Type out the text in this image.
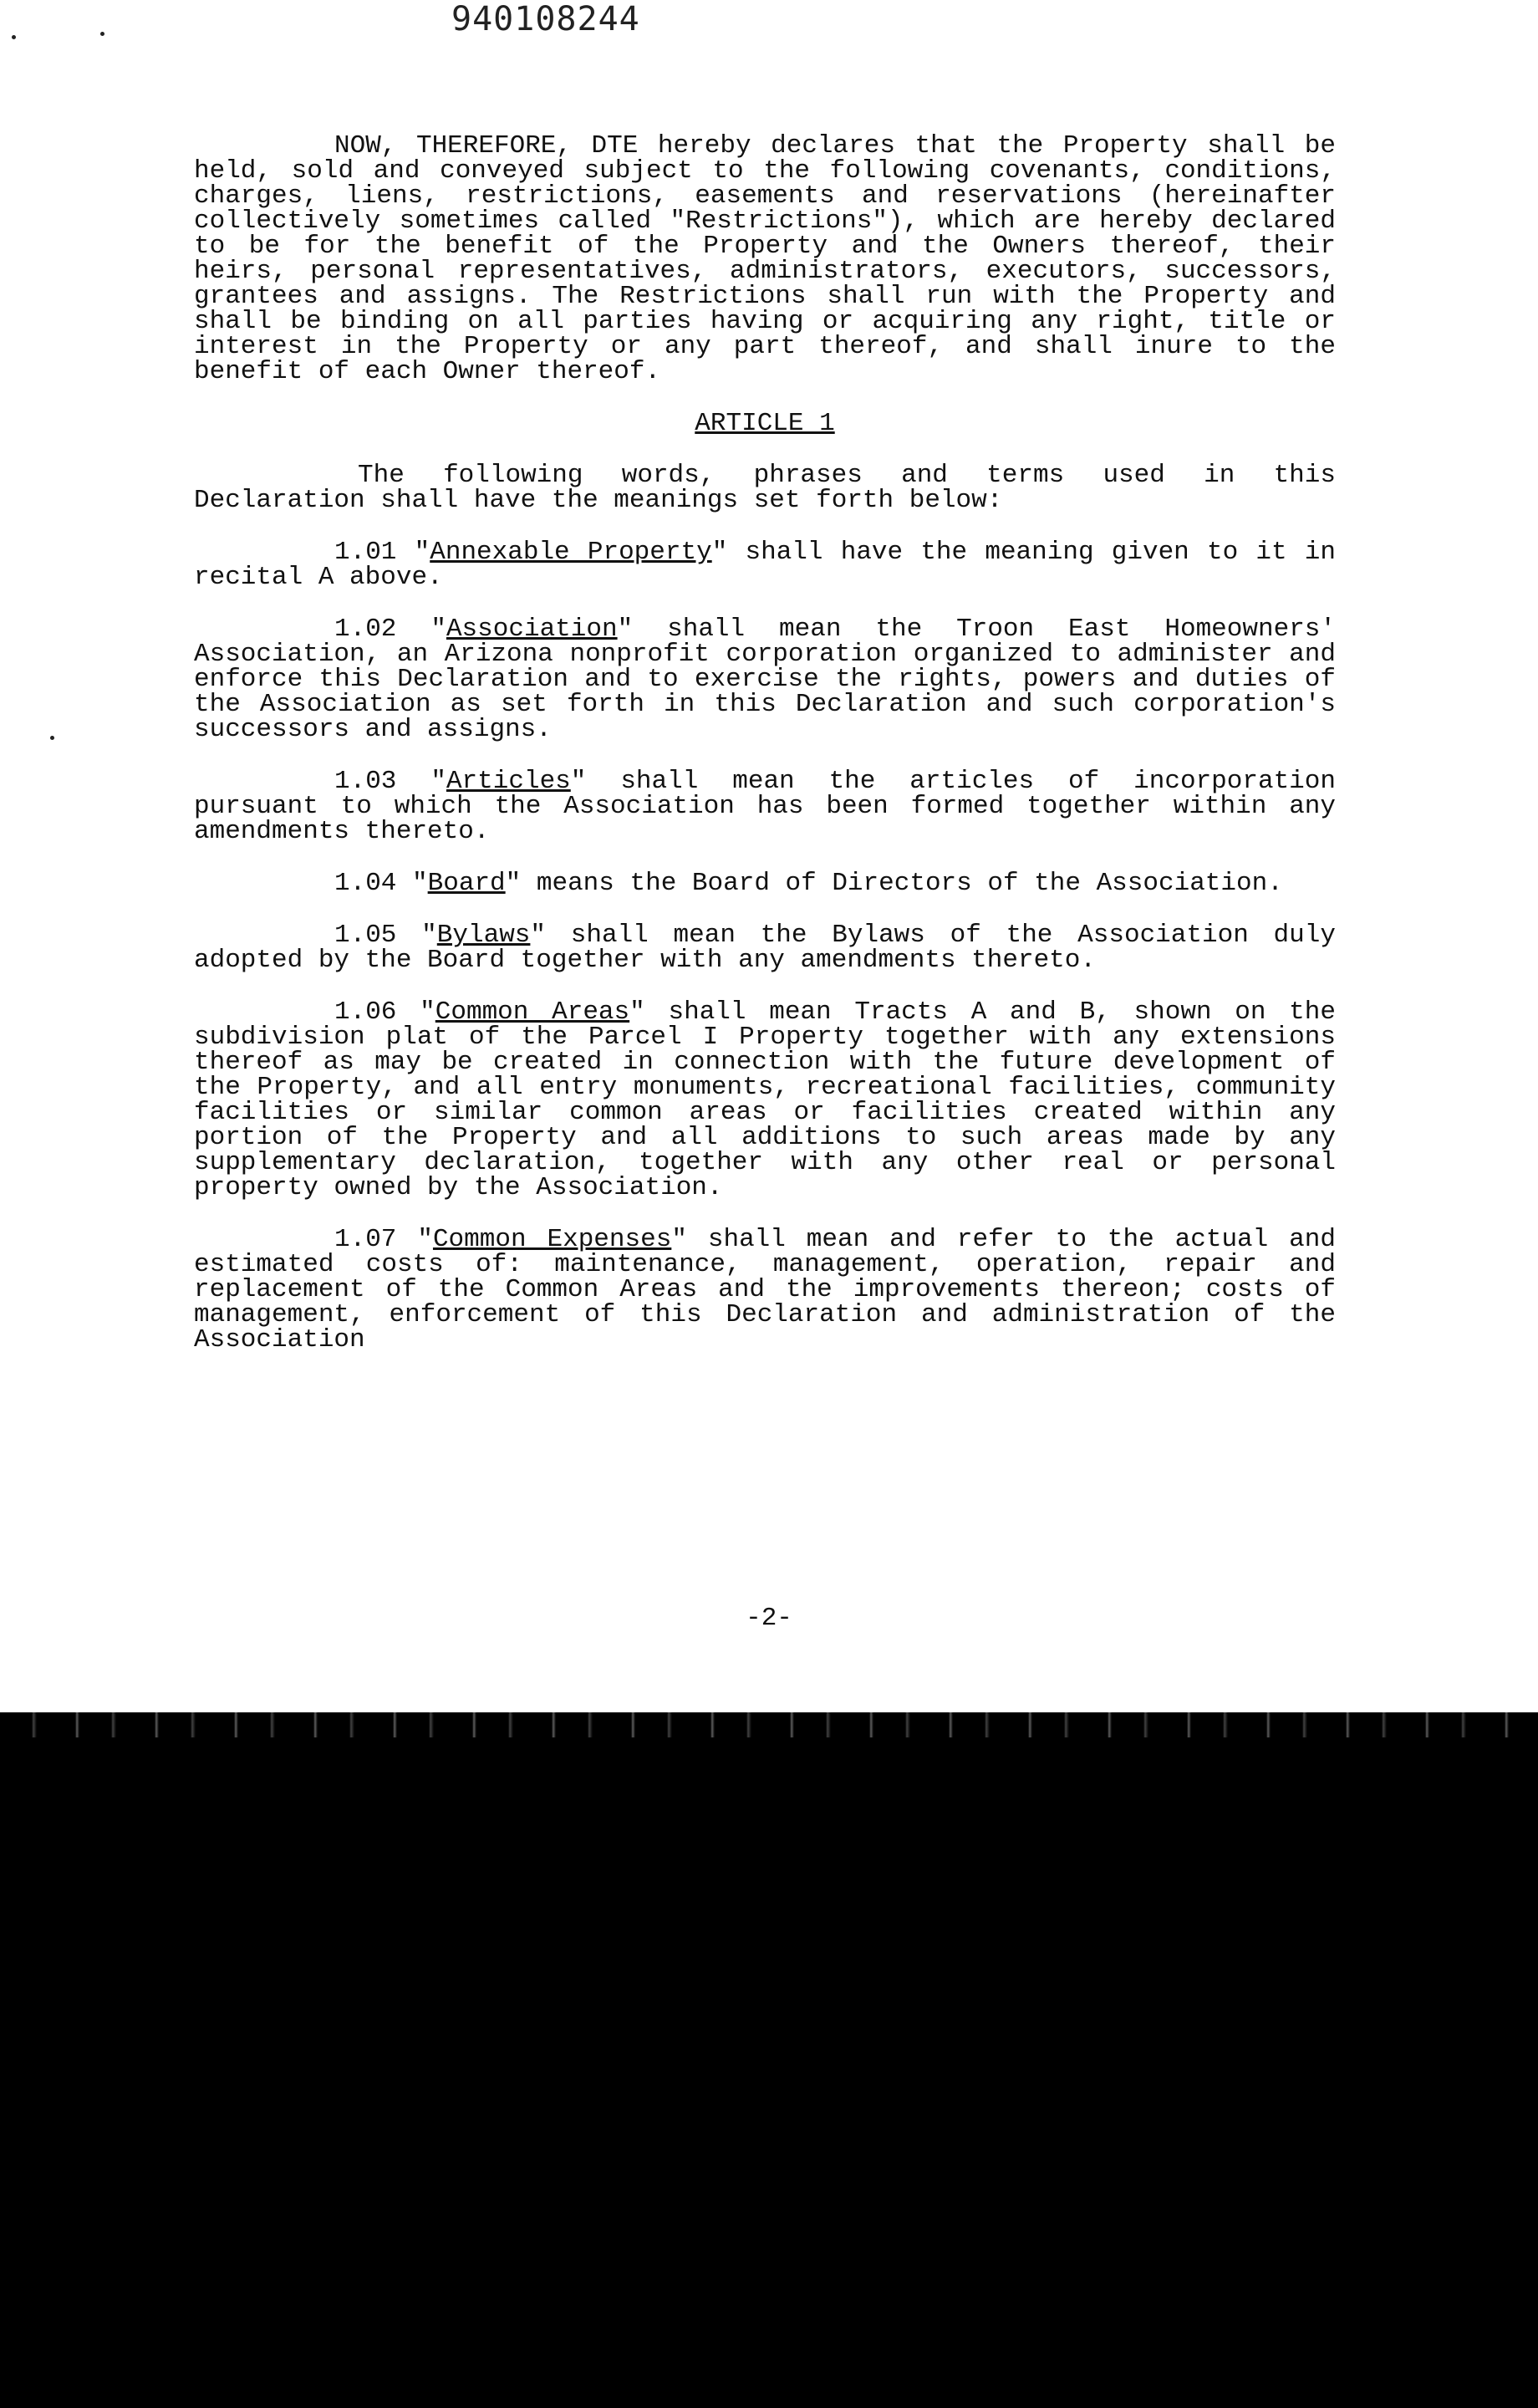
940108244

NOW, THEREFORE, DTE hereby declares that the Property shall be held, sold and conveyed subject to the following covenants, conditions, charges, liens, restrictions, easements and reservations (hereinafter collectively sometimes called "Restrictions"), which are hereby declared to be for the benefit of the Property and the Owners thereof, their heirs, personal representatives, administrators, executors, successors, grantees and assigns. The Restrictions shall run with the Property and shall be binding on all parties having or acquiring any right, title or interest in the Property or any part thereof, and shall inure to the benefit of each Owner thereof.

ARTICLE 1

The following words, phrases and terms used in this Declaration shall have the meanings set forth below:

1.01 "Annexable Property" shall have the meaning given to it in recital A above.

1.02 "Association" shall mean the Troon East Homeowners' Association, an Arizona nonprofit corporation organized to administer and enforce this Declaration and to exercise the rights, powers and duties of the Association as set forth in this Declaration and such corporation's successors and assigns.

1.03 "Articles" shall mean the articles of incorporation pursuant to which the Association has been formed together within any amendments thereto.

1.04 "Board" means the Board of Directors of the Association.

1.05 "Bylaws" shall mean the Bylaws of the Association duly adopted by the Board together with any amendments thereto.

1.06 "Common Areas" shall mean Tracts A and B, shown on the subdivision plat of the Parcel I Property together with any extensions thereof as may be created in connection with the future development of the Property, and all entry monuments, recreational facilities, community facilities or similar common areas or facilities created within any portion of the Property and all additions to such areas made by any supplementary declaration, together with any other real or personal property owned by the Association.

1.07 "Common Expenses" shall mean and refer to the actual and estimated costs of: maintenance, management, operation, repair and replacement of the Common Areas and the improvements thereon; costs of management, enforcement of this Declaration and administration of the Association

-2-
